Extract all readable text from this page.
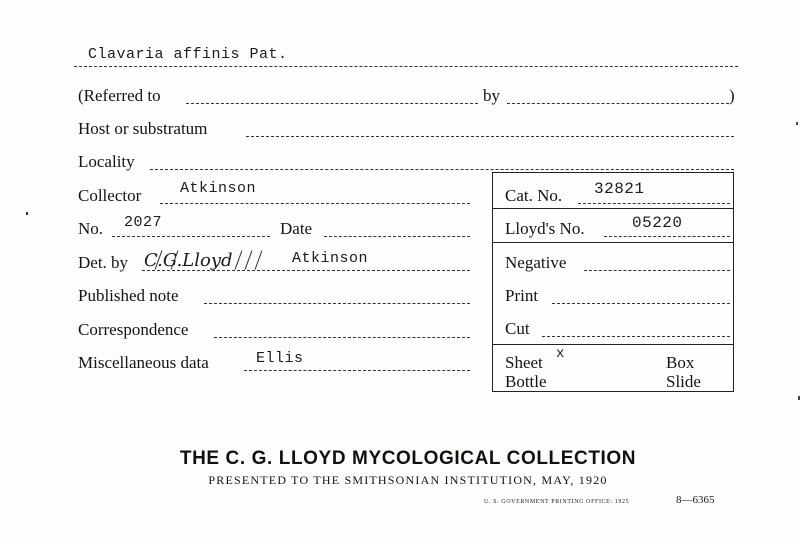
Clavaria affinis Pat.
(Referred to	by	)
Host or substratum
Locality
Collector	Atkinson
No. 2027	Date
Det. by C.G.Lloyd	Atkinson
Published note
Correspondence
Miscellaneous data	Ellis
Cat. No. 32821
Lloyd's No.	05220
Negative
Print
Cut
Sheet x	Box
Bottle	Slide
THE C. G. LLOYD MYCOLOGICAL COLLECTION
PRESENTED TO THE SMITHSONIAN INSTITUTION, MAY, 1920
U. S. GOVERNMENT PRINTING OFFICE: 1925	8—6365
